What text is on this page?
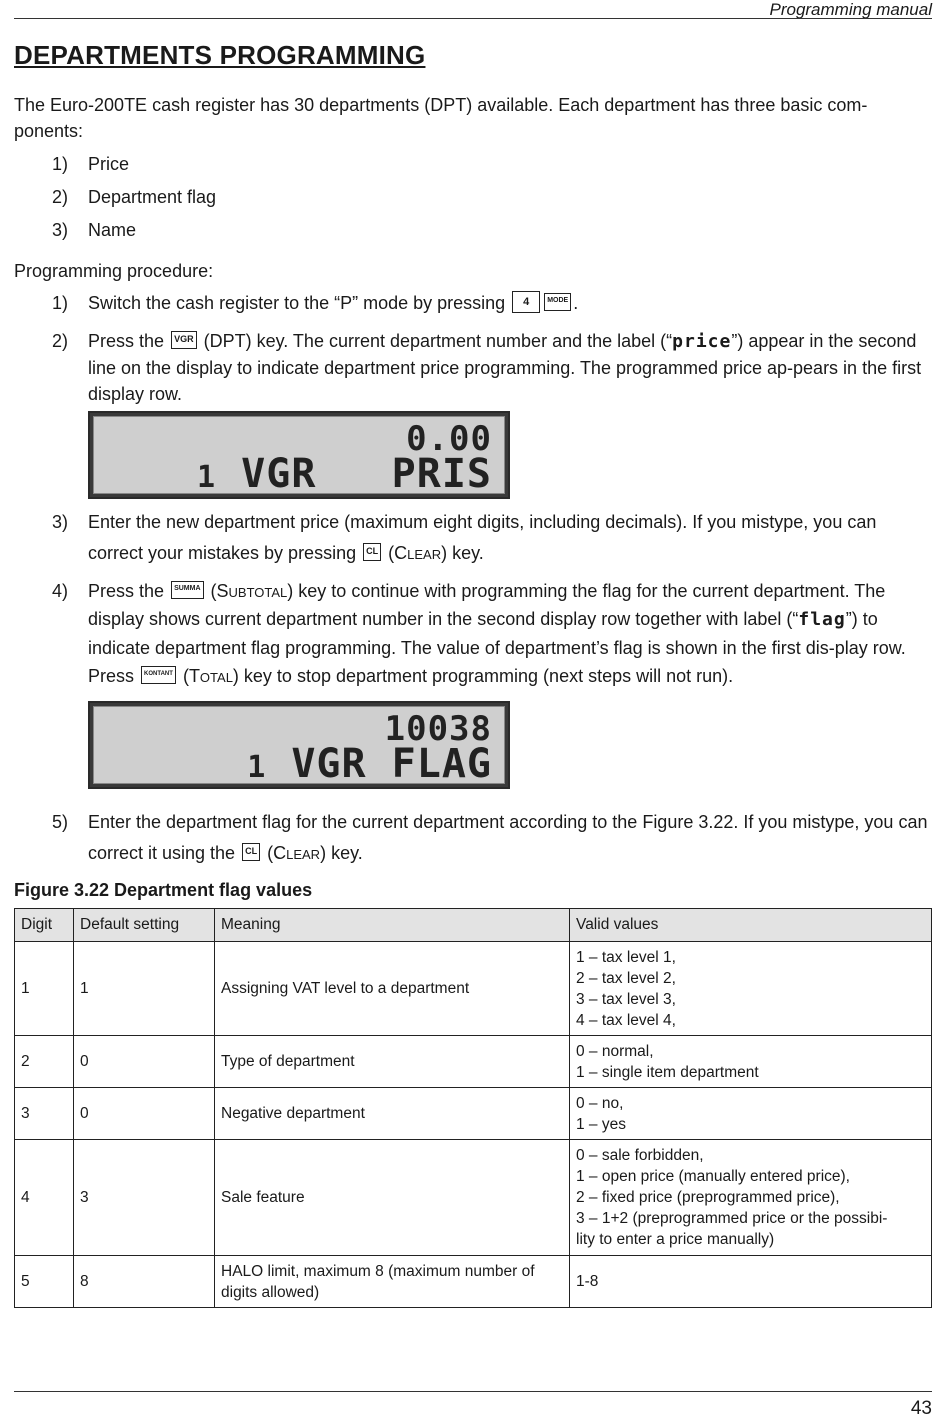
Programming manual
DEPARTMENTS PROGRAMMING
The Euro-200TE cash register has 30 departments (DPT) available. Each department has three basic com-ponents:
1) Price
2) Department flag
3) Name
Programming procedure:
1) Switch the cash register to the “P” mode by pressing 4	MODE .
2) Press the VGR (DPT) key. The current department number and the label (“price”) appear in the second line on the display to indicate department price programming. The programmed price ap-pears in the first display row.
0.00
1 VGR   PRIS
3) Enter the new department price (maximum eight digits, including decimals). If you mistype, you can correct your mistakes by pressing CL (Clear) key.
4) Press the SUMMA (Subtotal) key to continue with programming the flag for the current department. The display shows current department number in the second display row together with label (“flag”) to indicate department flag programming. The value of department’s flag is shown in the first dis-play row. Press KONTANT (Total) key to stop department programming (next steps will not run).
10038
1 VGR FLAG
5) Enter the department flag for the current department according to the Figure 3.22. If you mistype, you can correct it using the CL (Clear) key.
Figure 3.22 Department flag values
Digit	Default setting	Meaning	Valid values
1	1	Assigning VAT level to a department	1 – tax level 1,
2 – tax level 2,
3 – tax level 3,
4 – tax level 4,

2	0	Type of department	0 – normal,
1 – single item department

3	0	Negative department	0 – no,
1 – yes

4	3	Sale feature	0 – sale forbidden,
1 – open price (manually entered price),
2 – fixed price (preprogrammed price),
3 – 1+2 (preprogrammed price or the possibi-
lity to enter a price manually)

5	8	HALO limit, maximum 8 (maximum number of digits allowed)	1-8
43
